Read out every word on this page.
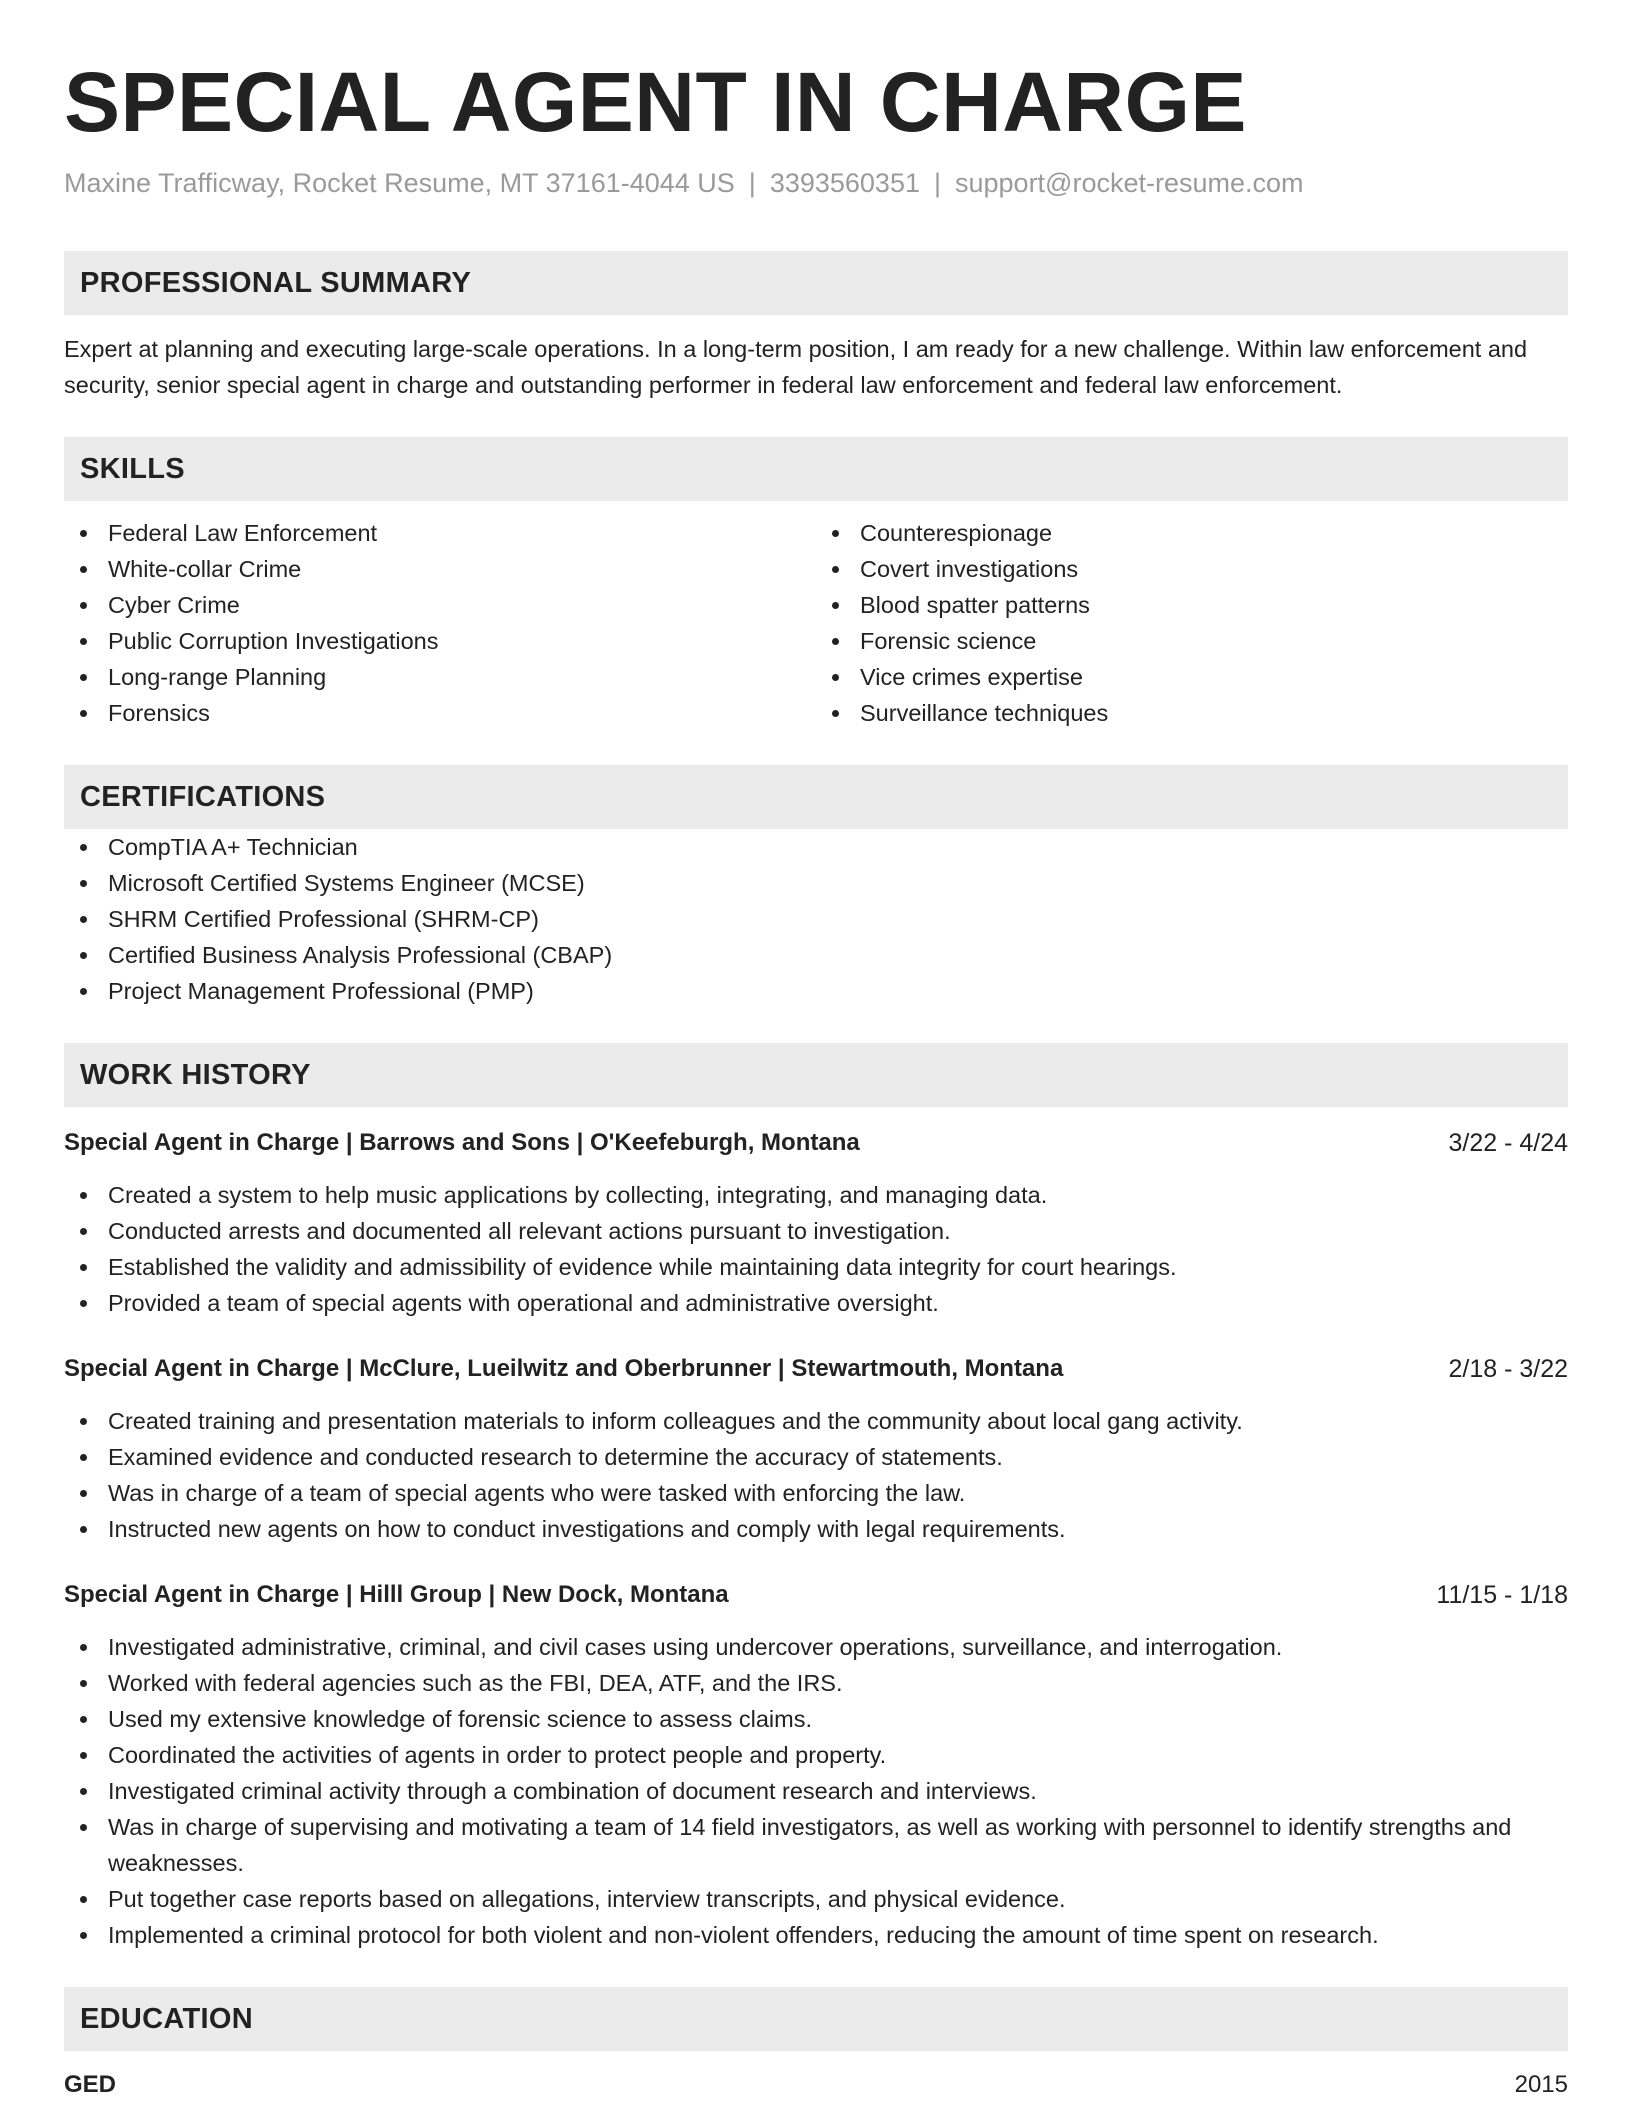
SPECIAL AGENT IN CHARGE
Maxine Trafficway, Rocket Resume, MT 37161-4044 US | 3393560351 | support@rocket-resume.com
PROFESSIONAL SUMMARY
Expert at planning and executing large-scale operations. In a long-term position, I am ready for a new challenge. Within law enforcement and security, senior special agent in charge and outstanding performer in federal law enforcement and federal law enforcement.
SKILLS
Federal Law Enforcement
White-collar Crime
Cyber Crime
Public Corruption Investigations
Long-range Planning
Forensics
Counterespionage
Covert investigations
Blood spatter patterns
Forensic science
Vice crimes expertise
Surveillance techniques
CERTIFICATIONS
CompTIA A+ Technician
Microsoft Certified Systems Engineer (MCSE)
SHRM Certified Professional (SHRM-CP)
Certified Business Analysis Professional (CBAP)
Project Management Professional (PMP)
WORK HISTORY
Special Agent in Charge | Barrows and Sons | O'Keefeburgh, Montana	3/22 - 4/24
Created a system to help music applications by collecting, integrating, and managing data.
Conducted arrests and documented all relevant actions pursuant to investigation.
Established the validity and admissibility of evidence while maintaining data integrity for court hearings.
Provided a team of special agents with operational and administrative oversight.
Special Agent in Charge | McClure, Lueilwitz and Oberbrunner | Stewartmouth, Montana	2/18 - 3/22
Created training and presentation materials to inform colleagues and the community about local gang activity.
Examined evidence and conducted research to determine the accuracy of statements.
Was in charge of a team of special agents who were tasked with enforcing the law.
Instructed new agents on how to conduct investigations and comply with legal requirements.
Special Agent in Charge | Hilll Group | New Dock, Montana	11/15 - 1/18
Investigated administrative, criminal, and civil cases using undercover operations, surveillance, and interrogation.
Worked with federal agencies such as the FBI, DEA, ATF, and the IRS.
Used my extensive knowledge of forensic science to assess claims.
Coordinated the activities of agents in order to protect people and property.
Investigated criminal activity through a combination of document research and interviews.
Was in charge of supervising and motivating a team of 14 field investigators, as well as working with personnel to identify strengths and weaknesses.
Put together case reports based on allegations, interview transcripts, and physical evidence.
Implemented a criminal protocol for both violent and non-violent offenders, reducing the amount of time spent on research.
EDUCATION
GED	2015
